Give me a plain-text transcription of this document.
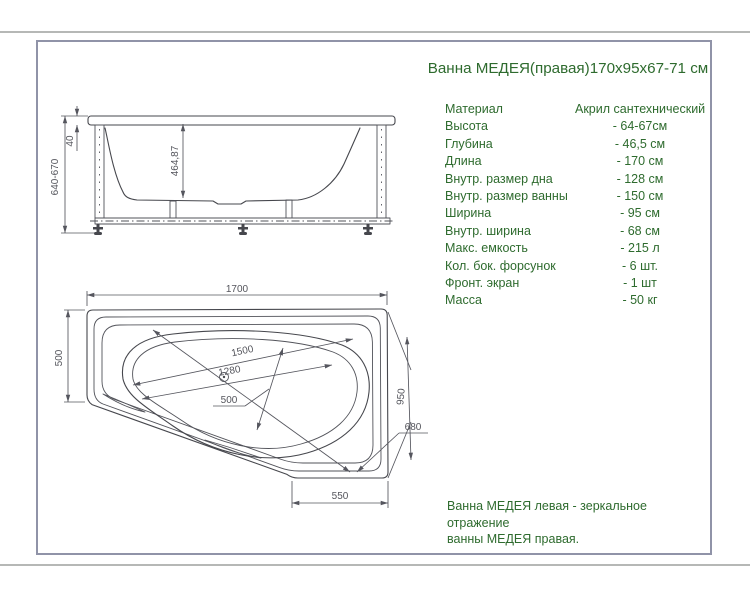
Ванна МЕДЕЯ(правая)170х95х67-71 см
Материал	Акрил сантехнический
Высота	- 64-67см
Глубина	- 46,5 см
Длина	- 170 см
Внутр. размер дна	- 128 см
Внутр. размер ванны	- 150 см
Ширина	- 95 см
Внутр. ширина	- 68 см
Макс. емкость	- 215 л
Кол. бок. форсунок	- 6 шт.
Фронт. экран	- 1 шт
Масса	- 50 кг
Ванна МЕДЕЯ левая - зеркальное отражение
ванны МЕДЕЯ правая.
640-670
40
464,87
1700
500	1500
1280
500	950
680
550
